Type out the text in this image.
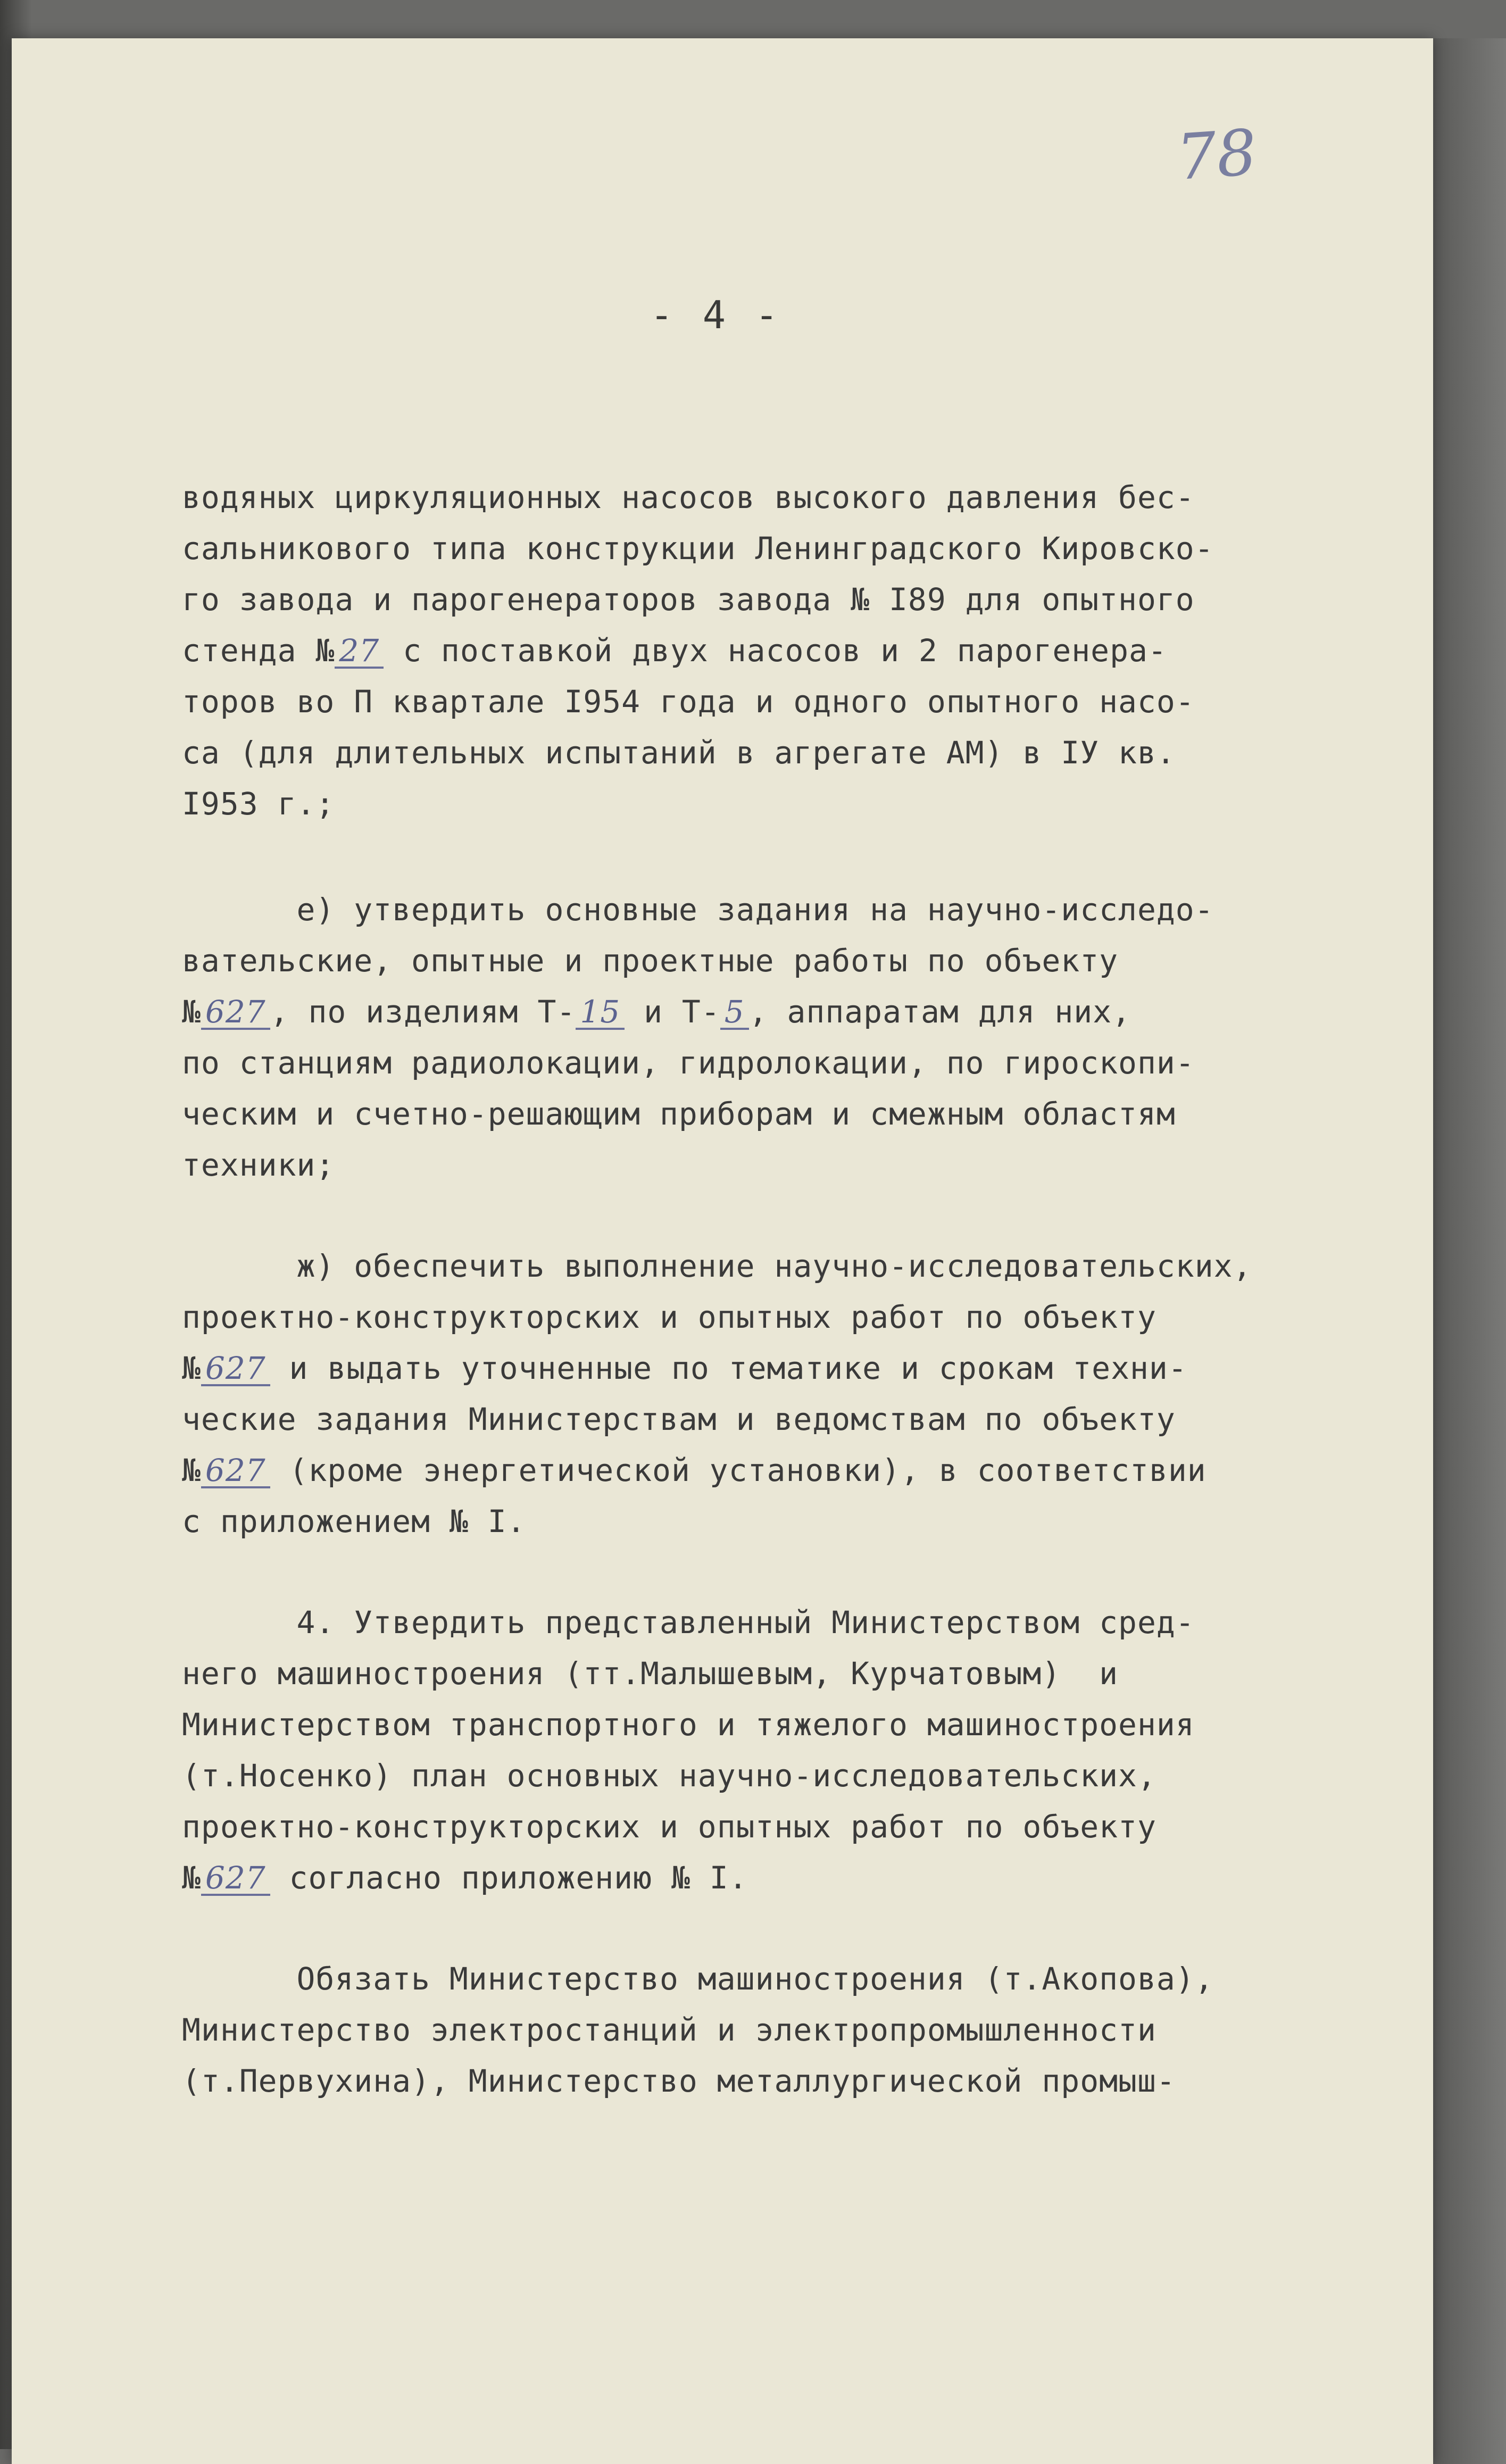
78
- 4 -
водяных циркуляционных насосов высокого давления бес-
сальникового типа конструкции Ленинградского Кировско-
го завода и парогенераторов завода № I89 для опытного
стенда № 27 с поставкой двух насосов и 2 парогенера-
торов во П квартале I954 года и одного опытного насо-
са (для длительных испытаний в агрегате АМ) в IУ кв.
I953 г.;
е) утвердить основные задания на научно-исследо-
вательские, опытные и проектные работы по объекту
№ 627 , по изделиям Т- 15 и Т- 5 , аппаратам для них,
по станциям радиолокации, гидролокации, по гироскопи-
ческим и счетно-решающим приборам и смежным областям
техники;
ж) обеспечить выполнение научно-исследовательских,
проектно-конструкторских и опытных работ по объекту
№ 627 и выдать уточненные по тематике и срокам техни-
ческие задания Министерствам и ведомствам по объекту
№ 627 (кроме энергетической установки), в соответствии
с приложением № I.
4. Утвердить представленный Министерством сред-
него машиностроения (тт.Малышевым, Курчатовым)  и
Министерством транспортного и тяжелого машиностроения
(т.Носенко) план основных научно-исследовательских,
проектно-конструкторских и опытных работ по объекту
№ 627 согласно приложению № I.
Обязать Министерство машиностроения (т.Акопова),
Министерство электростанций и электропромышленности
(т.Первухина), Министерство металлургической промыш-
